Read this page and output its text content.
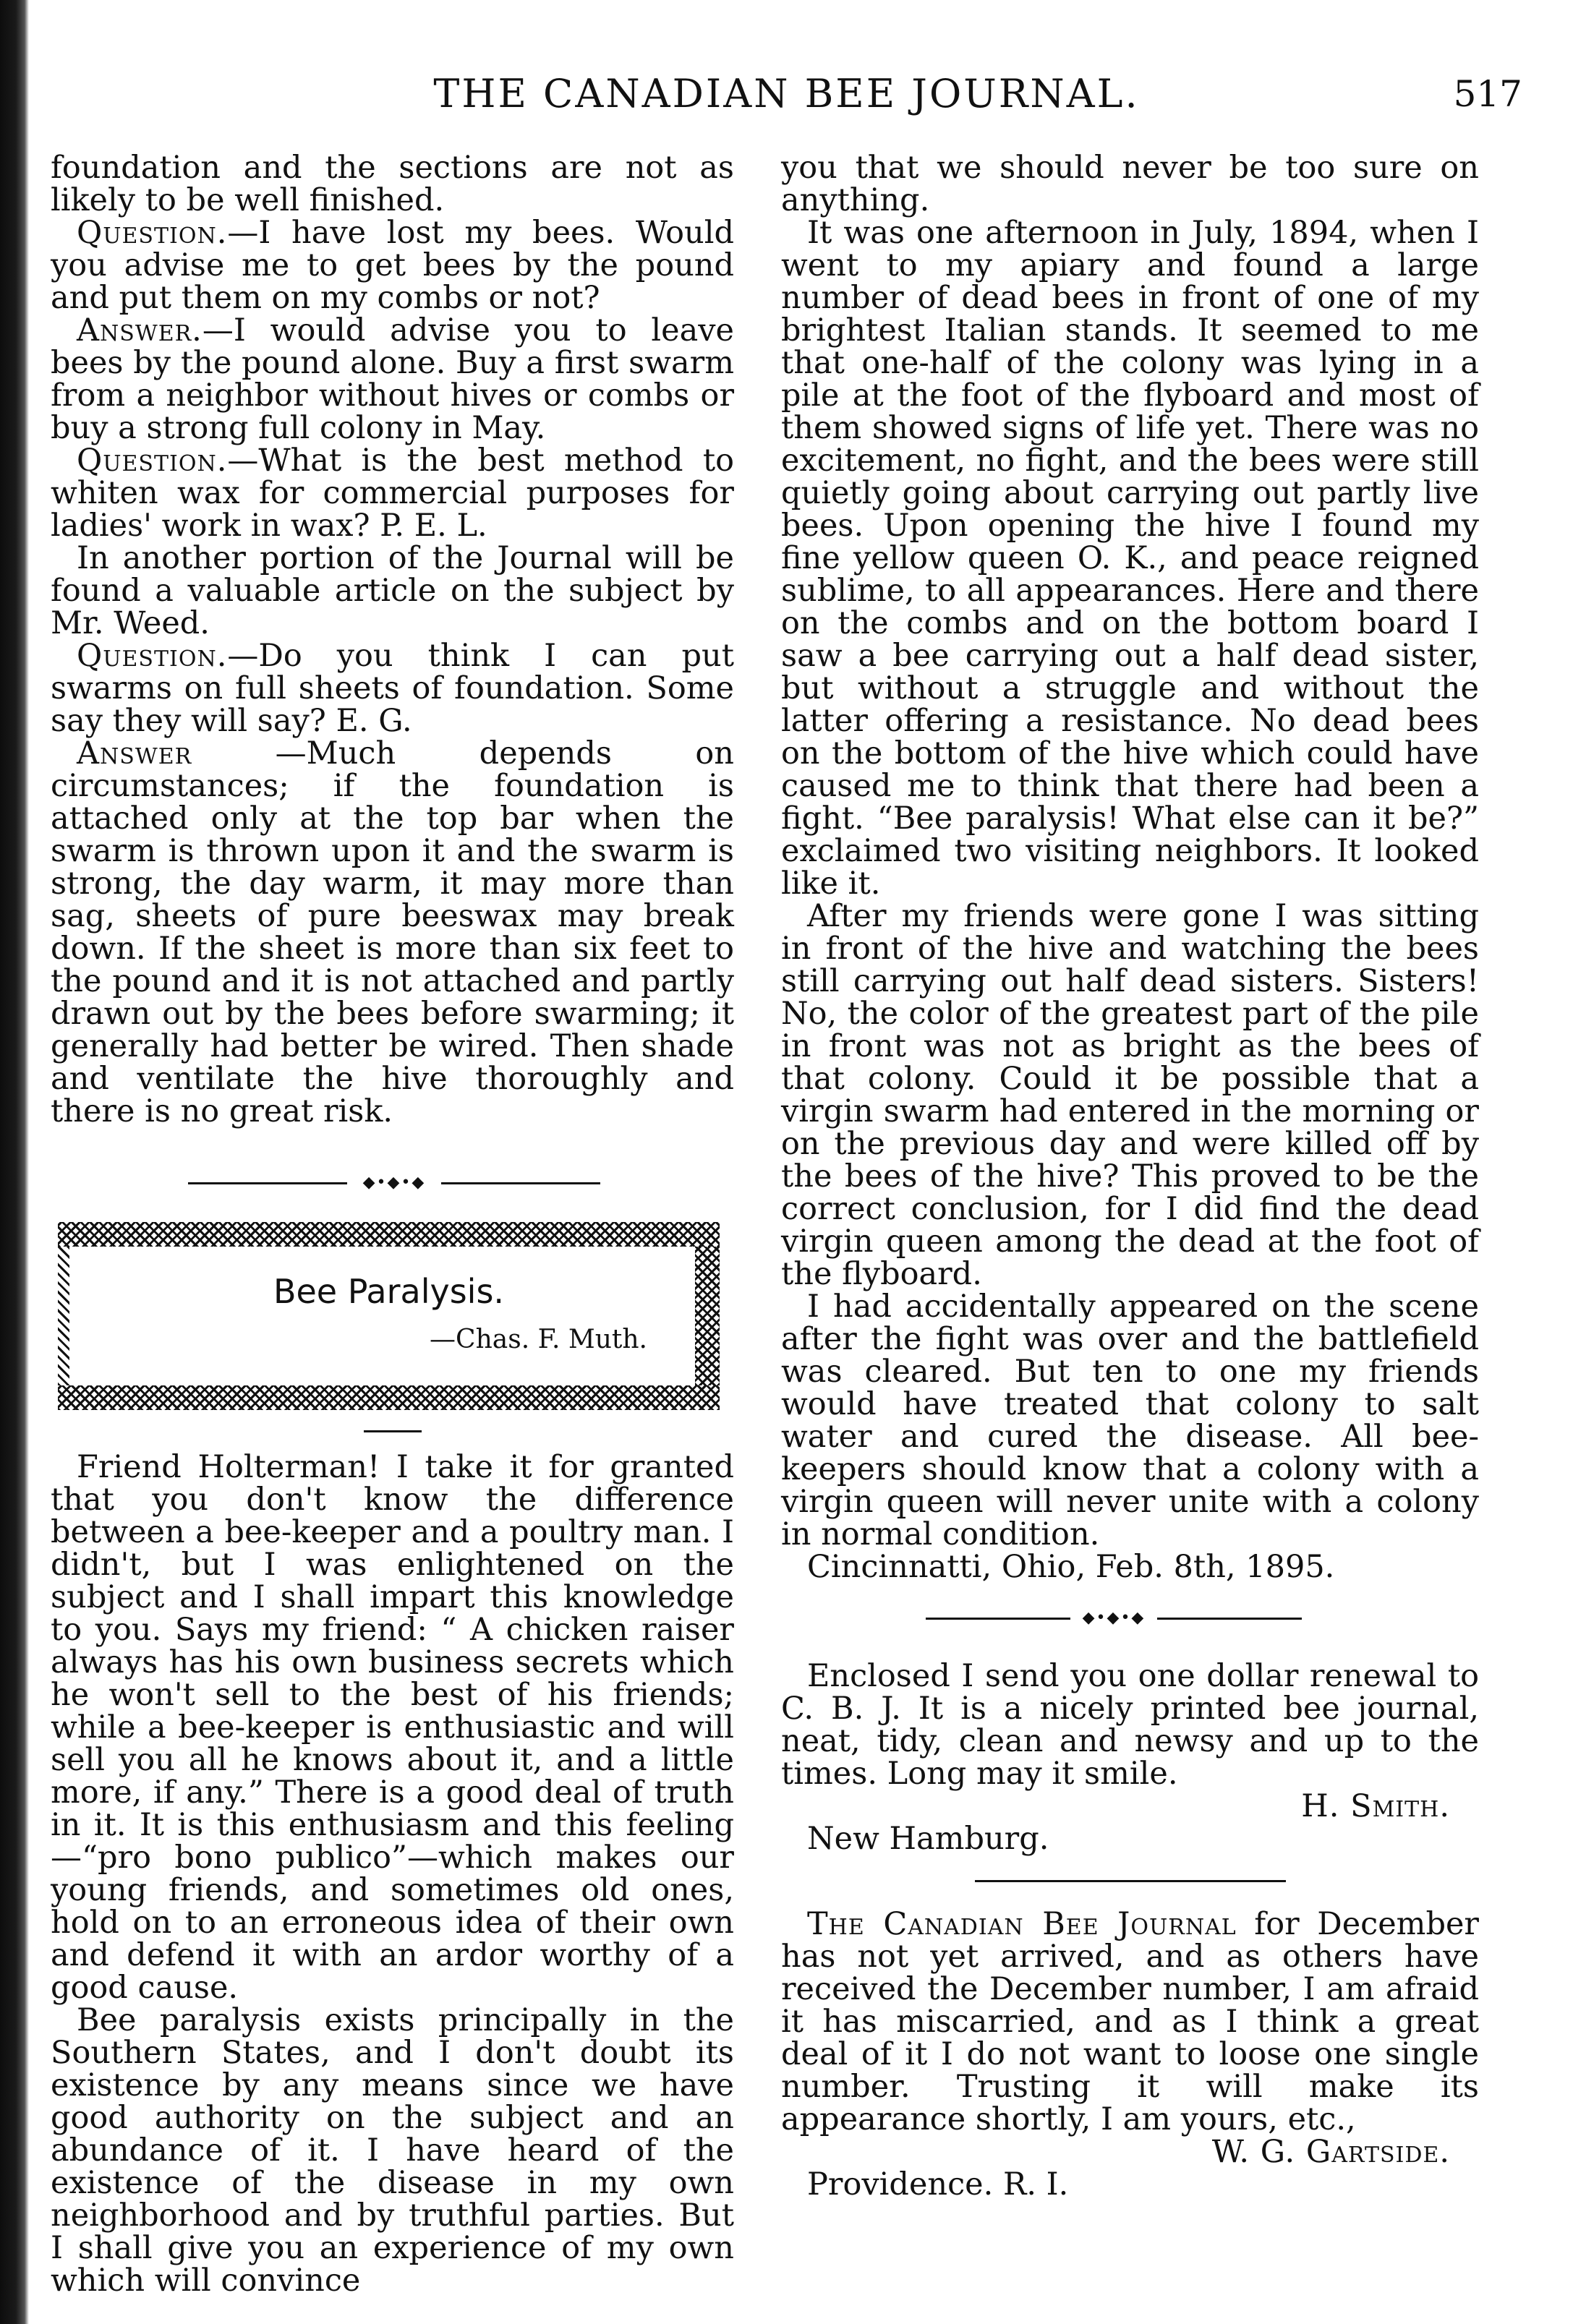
THE CANADIAN BEE JOURNAL.	517

foundation and the sections are not as likely to be well finished.

Question.—I have lost my bees. Would you advise me to get bees by the pound and put them on my combs or not?

Answer.—I would advise you to leave bees by the pound alone. Buy a first swarm from a neighbor without hives or combs or buy a strong full colony in May.

Question.—What is the best method to whiten wax for commercial purposes for ladies' work in wax? P. E. L.

In another portion of the Journal will be found a valuable article on the subject by Mr. Weed.

Question.—Do you think I can put swarms on full sheets of foundation. Some say they will say? E. G.

Answer —Much depends on circumstances; if the foundation is attached only at the top bar when the swarm is thrown upon it and the swarm is strong, the day warm, it may more than sag, sheets of pure beeswax may break down. If the sheet is more than six feet to the pound and it is not attached and partly drawn out by the bees before swarming; it generally had better be wired. Then shade and ventilate the hive thoroughly and there is no great risk.

◆•◆•◆
Bee Paralysis.
—Chas. F. Muth.

Friend Holterman! I take it for granted that you don't know the difference between a bee-keeper and a poultry man. I didn't, but I was enlightened on the subject and I shall impart this knowledge to you. Says my friend: “ A chicken raiser always has his own business secrets which he won't sell to the best of his friends; while a bee-keeper is enthusiastic and will sell you all he knows about it, and a little more, if any.” There is a good deal of truth in it. It is this enthusiasm and this feeling—“pro bono publico”—which makes our young friends, and sometimes old ones, hold on to an erroneous idea of their own and defend it with an ardor worthy of a good cause.

Bee paralysis exists principally in the Southern States, and I don't doubt its existence by any means since we have good authority on the subject and an abundance of it. I have heard of the existence of the disease in my own neighborhood and by truthful parties. But I shall give you an experience of my own which will convince

you that we should never be too sure on anything.

It was one afternoon in July, 1894, when I went to my apiary and found a large number of dead bees in front of one of my brightest Italian stands. It seemed to me that one-half of the colony was lying in a pile at the foot of the flyboard and most of them showed signs of life yet. There was no excitement, no fight, and the bees were still quietly going about carrying out partly live bees. Upon opening the hive I found my fine yellow queen O. K., and peace reigned sublime, to all appearances. Here and there on the combs and on the bottom board I saw a bee carrying out a half dead sister, but without a struggle and without the latter offering a resistance. No dead bees on the bottom of the hive which could have caused me to think that there had been a fight. “Bee paralysis! What else can it be?” exclaimed two visiting neighbors. It looked like it.

After my friends were gone I was sitting in front of the hive and watching the bees still carrying out half dead sisters. Sisters! No, the color of the greatest part of the pile in front was not as bright as the bees of that colony. Could it be possible that a virgin swarm had entered in the morning or on the previous day and were killed off by the bees of the hive? This proved to be the correct conclusion, for I did find the dead virgin queen among the dead at the foot of the flyboard.

I had accidentally appeared on the scene after the fight was over and the battlefield was cleared. But ten to one my friends would have treated that colony to salt water and cured the disease. All bee-keepers should know that a colony with a virgin queen will never unite with a colony in normal condition.

Cincinnatti, Ohio, Feb. 8th, 1895.

◆•◆•◆

Enclosed I send you one dollar renewal to C. B. J. It is a nicely printed bee journal, neat, tidy, clean and newsy and up to the times. Long may it smile.

H. Smith.

New Hamburg.

The Canadian Bee Journal for December has not yet arrived, and as others have received the December number, I am afraid it has miscarried, and as I think a great deal of it I do not want to loose one single number. Trusting it will make its appearance shortly, I am yours, etc.,

W. G. Gartside.

Providence. R. I.
